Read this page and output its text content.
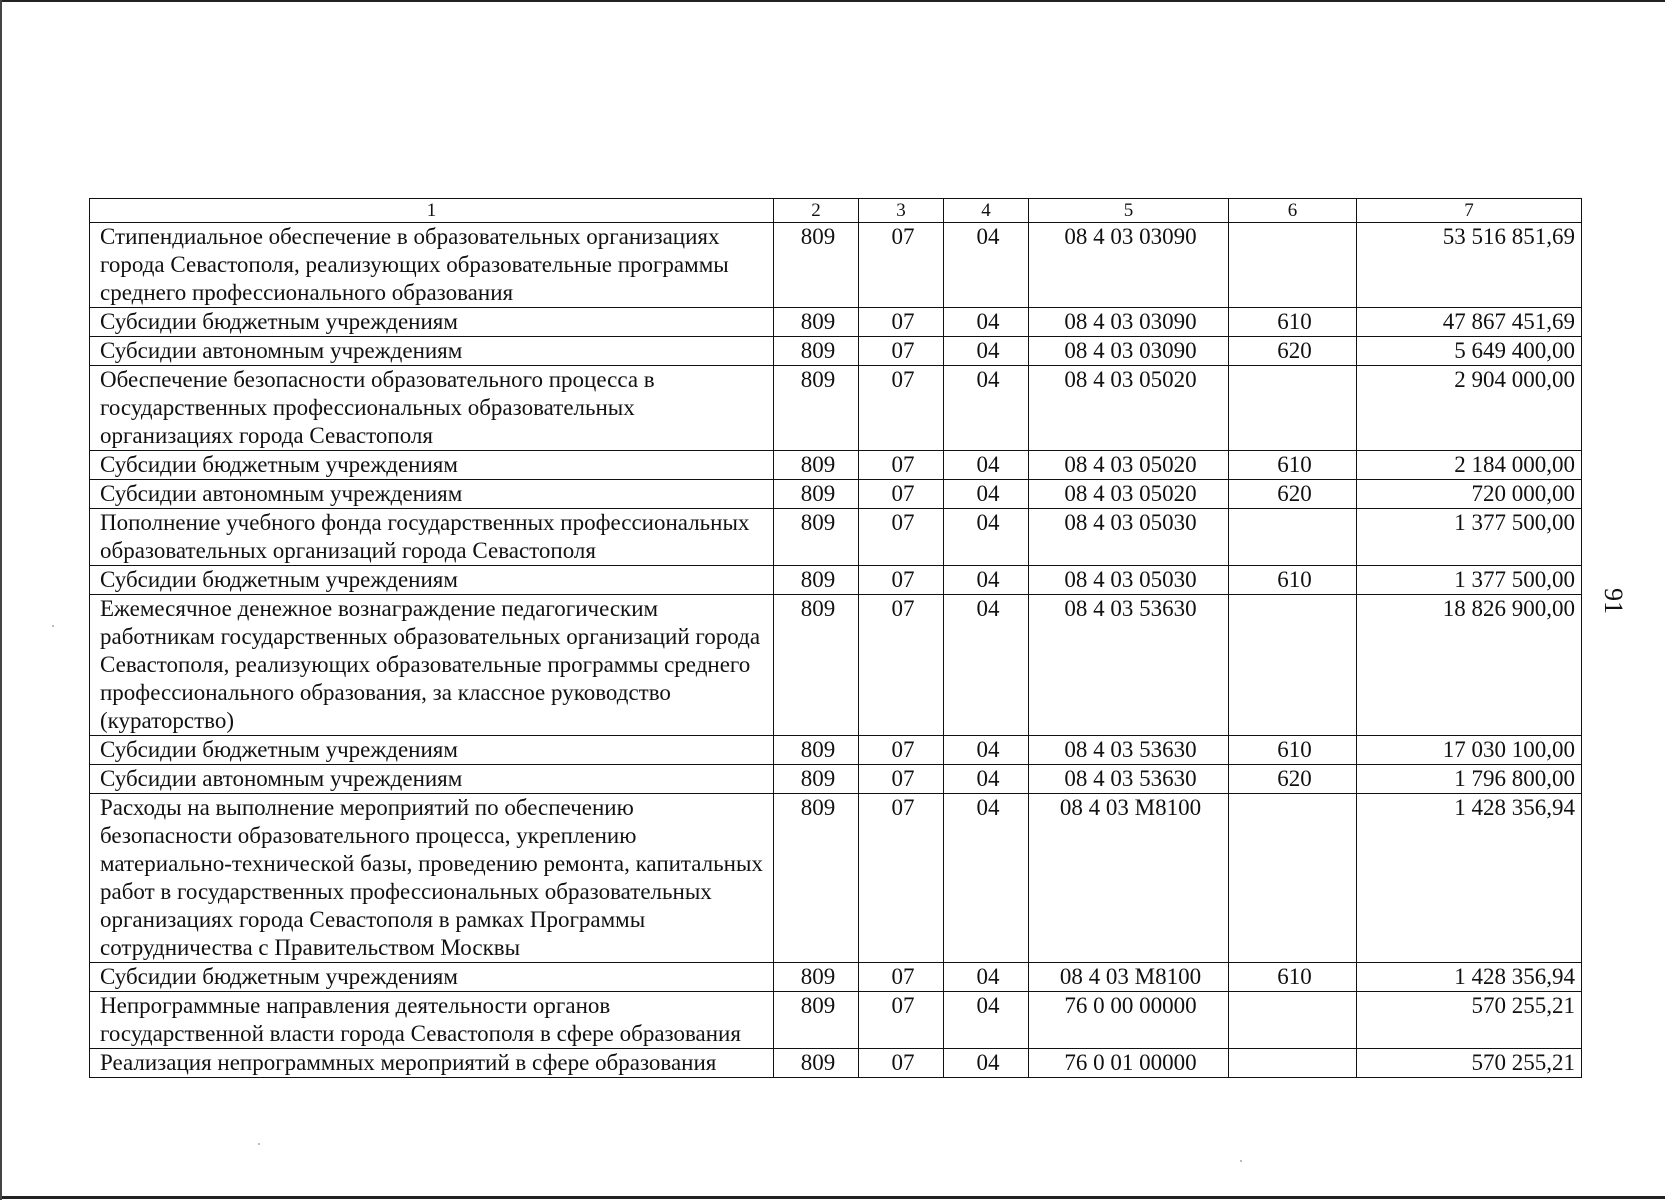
91
1	2	3	4	5	6	7
Стипендиальное обеспечение в образовательных организациях города Севастополя, реализующих образовательные программы среднего профессионального образования	809	07	04	08 4 03 03090		53 516 851,69
Субсидии бюджетным учреждениям	809	07	04	08 4 03 03090	610	47 867 451,69
Субсидии автономным учреждениям	809	07	04	08 4 03 03090	620	5 649 400,00
Обеспечение безопасности образовательного процесса в государственных профессиональных образовательных организациях города Севастополя	809	07	04	08 4 03 05020		2 904 000,00
Субсидии бюджетным учреждениям	809	07	04	08 4 03 05020	610	2 184 000,00
Субсидии автономным учреждениям	809	07	04	08 4 03 05020	620	720 000,00
Пополнение учебного фонда государственных профессиональных образовательных организаций города Севастополя	809	07	04	08 4 03 05030		1 377 500,00
Субсидии бюджетным учреждениям	809	07	04	08 4 03 05030	610	1 377 500,00
Ежемесячное денежное вознаграждение педагогическим работникам государственных образовательных организаций города Севастополя, реализующих образовательные программы среднего профессионального образования, за классное руководство (кураторство)	809	07	04	08 4 03 53630		18 826 900,00
Субсидии бюджетным учреждениям	809	07	04	08 4 03 53630	610	17 030 100,00
Субсидии автономным учреждениям	809	07	04	08 4 03 53630	620	1 796 800,00
Расходы на выполнение мероприятий по обеспечению безопасности образовательного процесса, укреплению материально-технической базы, проведению ремонта, капитальных работ в государственных профессиональных образовательных организациях города Севастополя в рамках Программы сотрудничества с Правительством Москвы	809	07	04	08 4 03 M8100		1 428 356,94
Субсидии бюджетным учреждениям	809	07	04	08 4 03 M8100	610	1 428 356,94
Непрограммные направления деятельности органов государственной власти города Севастополя в сфере образования	809	07	04	76 0 00 00000		570 255,21
Реализация непрограммных мероприятий в сфере образования	809	07	04	76 0 01 00000		570 255,21
